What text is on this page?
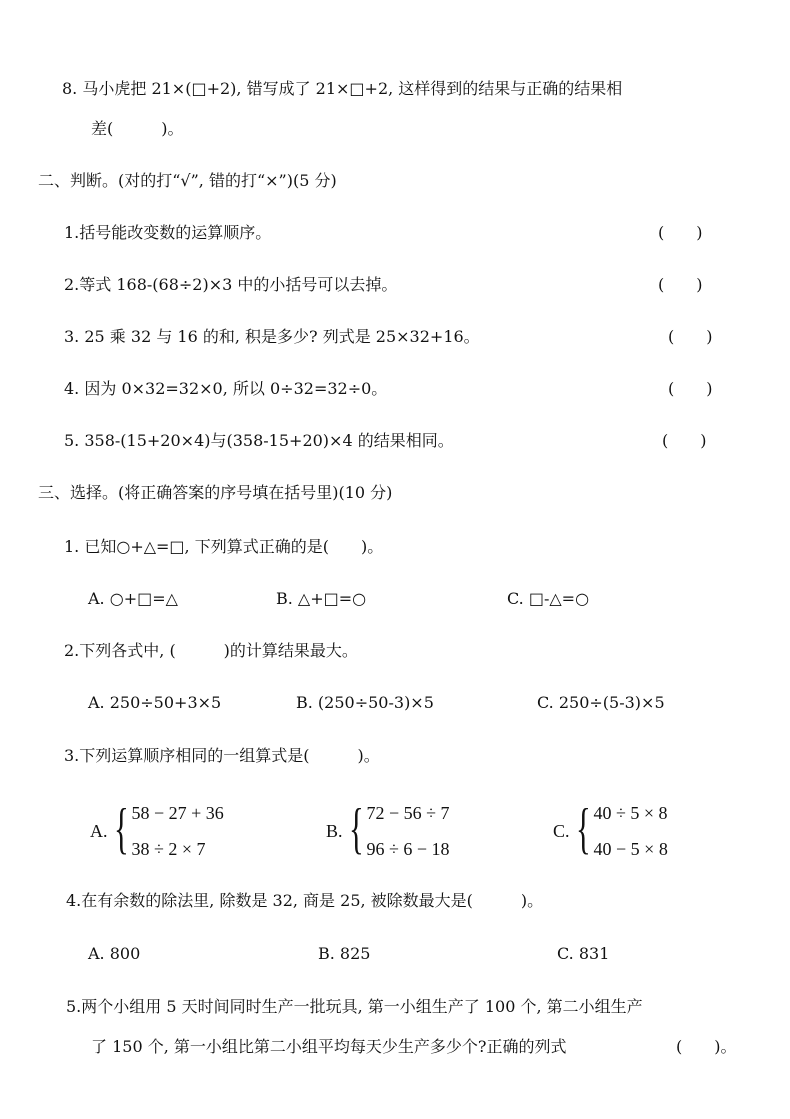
8. 马小虎把 21×(□+2), 错写成了 21×□+2, 这样得到的结果与正确的结果相
差(　　　)。
二、判断。(对的打“√”, 错的打“×”)(5 分)
1.括号能改变数的运算顺序。	(　　)
2.等式 168-(68÷2)×3 中的小括号可以去掉。	(　　)
3. 25 乘 32 与 16 的和, 积是多少? 列式是 25×32+16。	(　　)
4. 因为 0×32=32×0, 所以 0÷32=32÷0。	(　　)
5. 358-(15+20×4)与(358-15+20)×4 的结果相同。	(　　)
三、选择。(将正确答案的序号填在括号里)(10 分)
1. 已知○+△=□, 下列算式正确的是(　　)。
A. ○+□=△	B. △+□=○	C. □-△=○
2.下列各式中, (　　　)的计算结果最大。
A. 250÷50+3×5	B. (250÷50-3)×5	C. 250÷(5-3)×5
3.下列运算顺序相同的一组算式是(　　　)。
A. { 58 − 27 + 36
38 ÷ 2 × 7
B. { 72 − 56 ÷ 7
96 ÷ 6 − 18
C. { 40 ÷ 5 × 8
40 − 5 × 8
4.在有余数的除法里, 除数是 32, 商是 25, 被除数最大是(　　　)。
A. 800	B. 825	C. 831
5.两个小组用 5 天时间同时生产一批玩具, 第一小组生产了 100 个, 第二小组生产
了 150 个, 第一小组比第二小组平均每天少生产多少个?正确的列式	(　　)。
